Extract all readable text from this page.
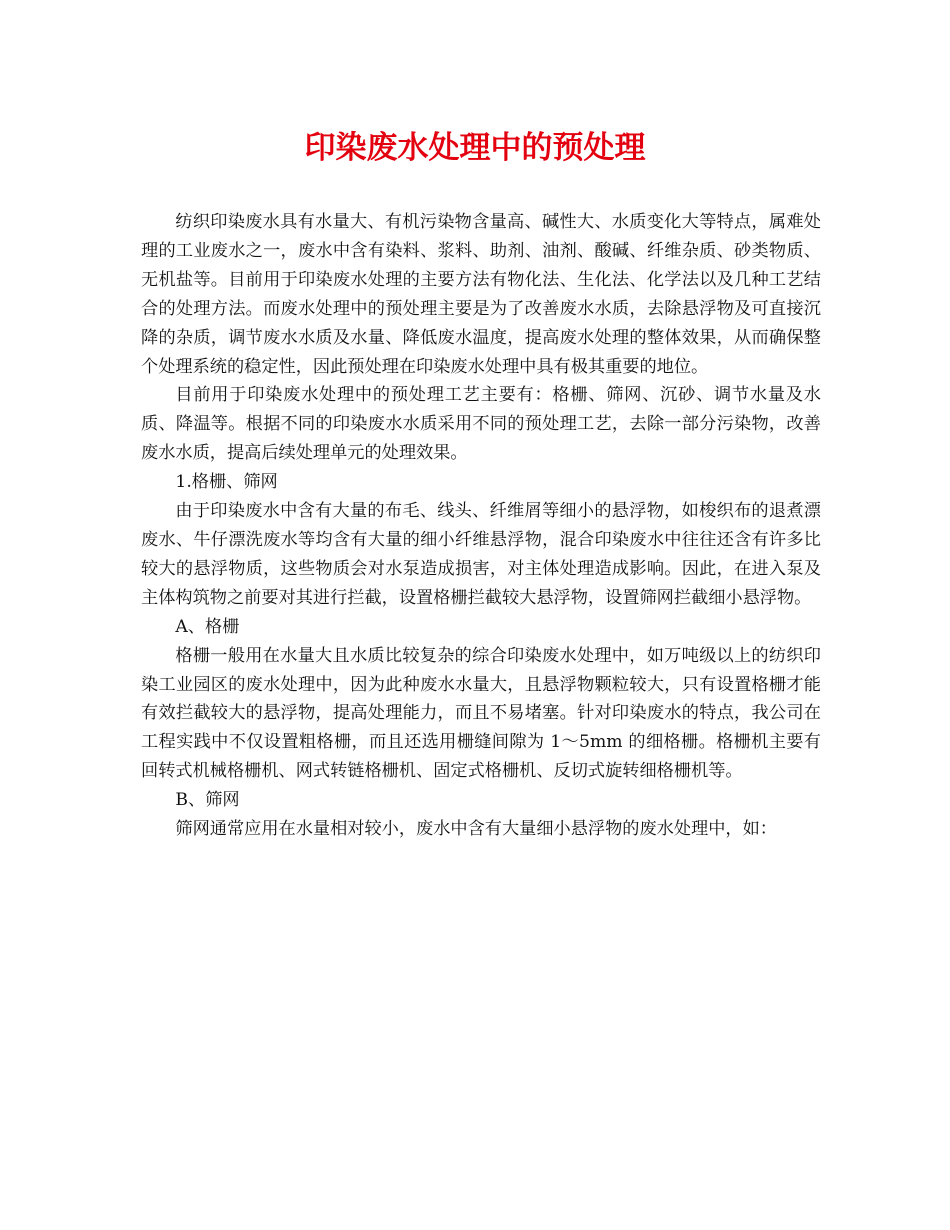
印染废水处理中的预处理

纺织印染废水具有水量大、有机污染物含量高、碱性大、水质变化大等特点，属难处理的工业废水之一，废水中含有染料、浆料、助剂、油剂、酸碱、纤维杂质、砂类物质、无机盐等。目前用于印染废水处理的主要方法有物化法、生化法、化学法以及几种工艺结合的处理方法。而废水处理中的预处理主要是为了改善废水水质，去除悬浮物及可直接沉降的杂质，调节废水水质及水量、降低废水温度，提高废水处理的整体效果，从而确保整个处理系统的稳定性，因此预处理在印染废水处理中具有极其重要的地位。

目前用于印染废水处理中的预处理工艺主要有：格栅、筛网、沉砂、调节水量及水质、降温等。根据不同的印染废水水质采用不同的预处理工艺，去除一部分污染物，改善废水水质，提高后续处理单元的处理效果。

1.格栅、筛网

由于印染废水中含有大量的布毛、线头、纤维屑等细小的悬浮物，如梭织布的退煮漂废水、牛仔漂洗废水等均含有大量的细小纤维悬浮物，混合印染废水中往往还含有许多比较大的悬浮物质，这些物质会对水泵造成损害，对主体处理造成影响。因此，在进入泵及主体构筑物之前要对其进行拦截，设置格栅拦截较大悬浮物，设置筛网拦截细小悬浮物。

A、格栅

格栅一般用在水量大且水质比较复杂的综合印染废水处理中，如万吨级以上的纺织印染工业园区的废水处理中，因为此种废水水量大，且悬浮物颗粒较大，只有设置格栅才能有效拦截较大的悬浮物，提高处理能力，而且不易堵塞。针对印染废水的特点，我公司在工程实践中不仅设置粗格栅，而且还选用栅缝间隙为 1～5mm 的细格栅。格栅机主要有回转式机械格栅机、网式转链格栅机、固定式格栅机、反切式旋转细格栅机等。

B、筛网

筛网通常应用在水量相对较小，废水中含有大量细小悬浮物的废水处理中，如：
